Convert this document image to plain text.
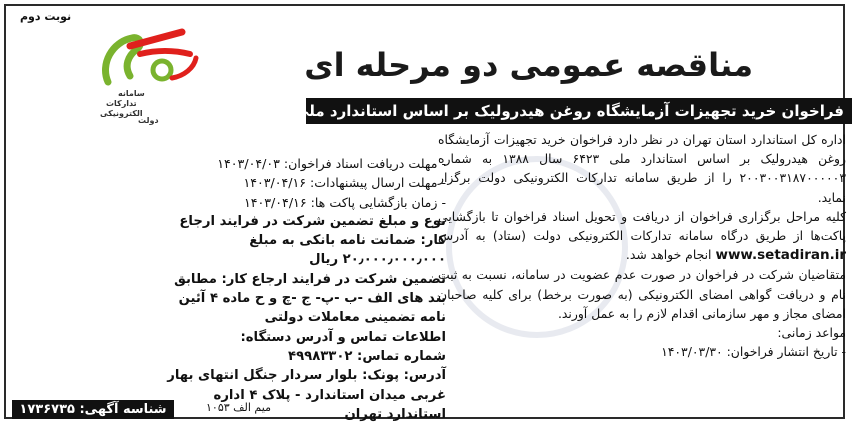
نوبت دوم
سامانه
تدارکات
الکترونیکی
دولت
مناقصه عمومی دو مرحله ای
فراخوان خرید تجهیزات آزمایشگاه روغن هیدرولیک بر اساس استاندارد ملی ۶۴۲۳ سال ۱۳۸۸

اداره کل استاندارد استان تهران در نظر دارد فراخوان خرید تجهیزات آزمایشگاه روغن هیدرولیک بر اساس استاندارد ملی ۶۴۲۳ سال ۱۳۸۸ به شماره ۲۰۰۳۰۰۳۱۸۷۰۰۰۰۰۳ را از طریق سامانه تدارکات الکترونیکی دولت برگزار نماید.

کلیه مراحل برگزاری فراخوان از دریافت و تحویل اسناد فراخوان تا بازگشایی پاکت‌ها از طریق درگاه سامانه تدارکات الکترونیکی دولت (ستاد) به آدرس www.setadiran.ir انجام خواهد شد.

متقاضیان شرکت در فراخوان در صورت عدم عضویت در سامانه، نسبت به ثبت نام و دریافت گواهی امضای الکترونیکی (به صورت برخط) برای کلیه صاحبان امضای مجاز و مهر سازمانی اقدام لازم را به عمل آورند.

مواعد زمانی:

- تاریخ انتشار فراخوان: ۱۴۰۳/۰۳/۳۰

- مهلت دریافت اسناد فراخوان: ۱۴۰۳/۰۴/۰۳

- مهلت ارسال پیشنهادات: ۱۴۰۳/۰۴/۱۶

- زمان بازگشایی پاکت ها: ۱۴۰۳/۰۴/۱۶

نوع و مبلغ تضمین شرکت در فرایند ارجاع کار: ضمانت نامه بانکی به مبلغ ۲۰٫۰۰۰٫۰۰۰٫۰۰۰ ریال

تضمین شرکت در فرایند ارجاع کار: مطابق بند های الف -ب -پ- ج -چ و ح ماده ۴ آئین نامه تضمینی معاملات دولتی

اطلاعات تماس و آدرس دستگاه:

شماره تماس: ۴۹۹۸۳۳۰۲

آدرس: پونک: بلوار سردار جنگل انتهای بهار غربی میدان استاندارد - پلاک ۴ اداره استاندارد تهران

شناسه آگهی: ۱۷۳۶۷۳۵	میم الف ۱۰۵۳
